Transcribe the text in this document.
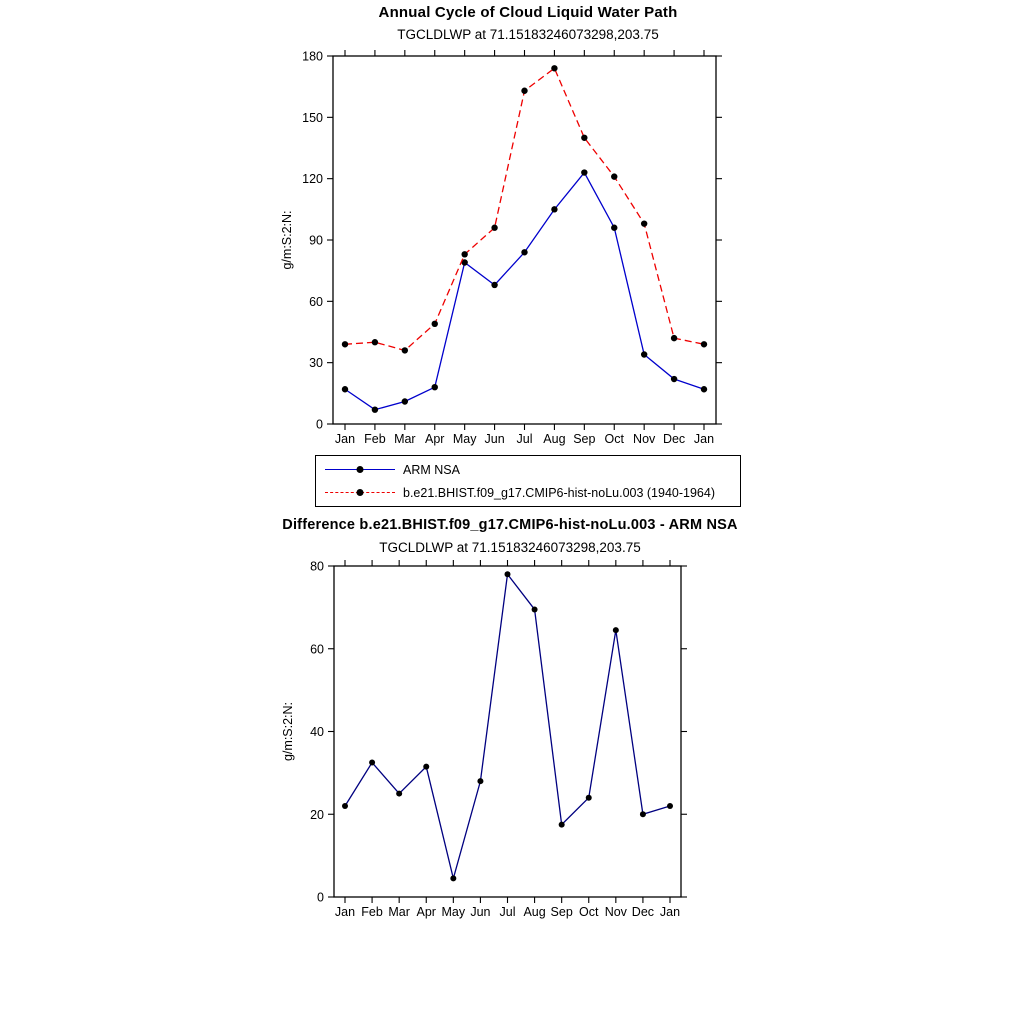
Annual Cycle of Cloud Liquid Water Path
TGCLDLWP at 71.15183246073298,203.75
0
30
60
90
120
150
180
Jan Feb Mar Apr May Jun Jul Aug Sep Oct Nov Dec Jan
g/m:S:2:N:
ARM NSA
b.e21.BHIST.f09_g17.CMIP6-hist-noLu.003 (1940-1964)
Difference b.e21.BHIST.f09_g17.CMIP6-hist-noLu.003 - ARM NSA
TGCLDLWP at 71.15183246073298,203.75
0
20
40
60
80
Jan Feb Mar Apr May Jun Jul Aug Sep Oct Nov Dec Jan
g/m:S:2:N:
